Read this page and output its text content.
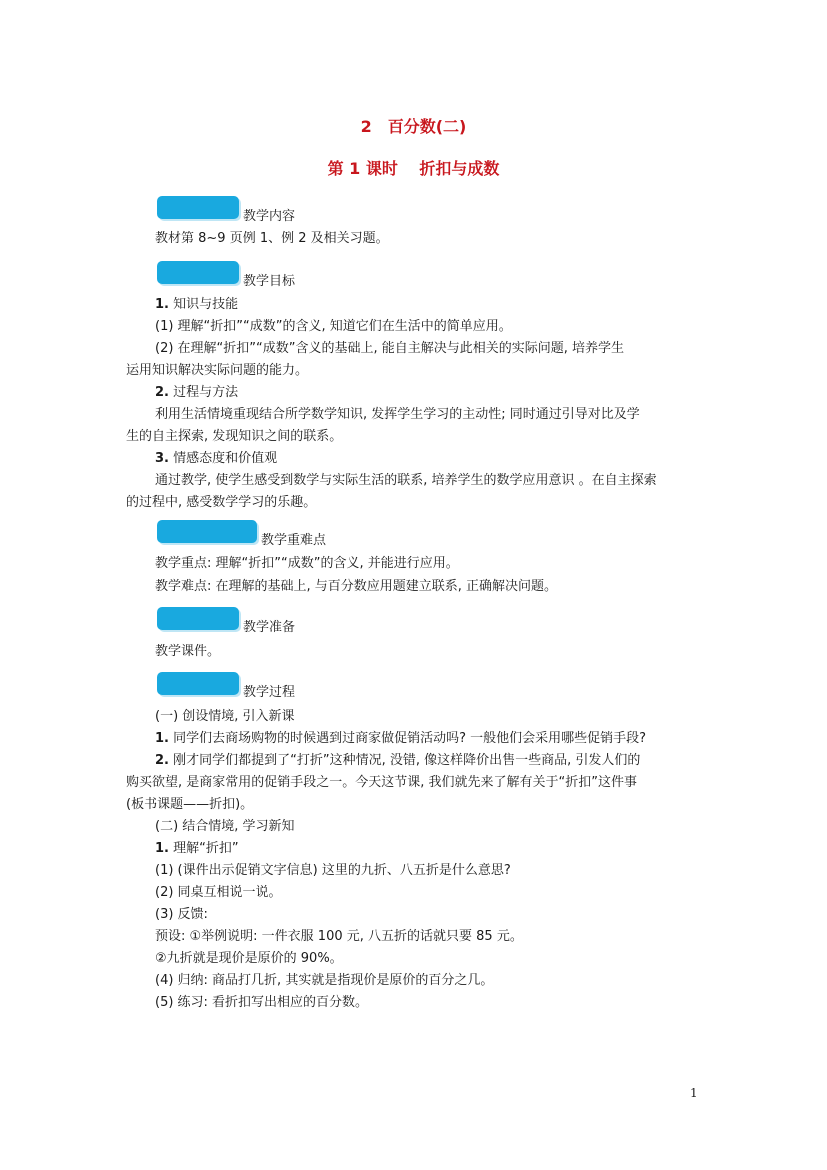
2　百分数(二)
第 1 课时　 折扣与成数
教学内容
教材第 8~9 页例 1、例 2 及相关习题。
教学目标
1. 知识与技能
(1) 理解“折扣”“成数”的含义, 知道它们在生活中的简单应用。
(2) 在理解“折扣”“成数”含义的基础上, 能自主解决与此相关的实际问题, 培养学生
运用知识解决实际问题的能力。
2. 过程与方法
利用生活情境重现结合所学数学知识, 发挥学生学习的主动性; 同时通过引导对比及学
生的自主探索, 发现知识之间的联系。
3. 情感态度和价值观
通过教学, 使学生感受到数学与实际生活的联系, 培养学生的数学应用意识 。在自主探索
的过程中, 感受数学学习的乐趣。
教学重难点
教学重点: 理解“折扣”“成数”的含义, 并能进行应用。
教学难点: 在理解的基础上, 与百分数应用题建立联系, 正确解决问题。
教学准备
教学课件。
教学过程
(一) 创设情境, 引入新课
1. 同学们去商场购物的时候遇到过商家做促销活动吗? 一般他们会采用哪些促销手段?
2. 刚才同学们都提到了“打折”这种情况, 没错, 像这样降价出售一些商品, 引发人们的
购买欲望, 是商家常用的促销手段之一。今天这节课, 我们就先来了解有关于“折扣”这件事
(板书课题——折扣)。
(二) 结合情境, 学习新知
1. 理解“折扣”
(1) (课件出示促销文字信息) 这里的九折、八五折是什么意思?
(2) 同桌互相说一说。
(3) 反馈:
预设: ①举例说明: 一件衣服 100 元, 八五折的话就只要 85 元。
②九折就是现价是原价的 90%。
(4) 归纳: 商品打几折, 其实就是指现价是原价的百分之几。
(5) 练习: 看折扣写出相应的百分数。
1
